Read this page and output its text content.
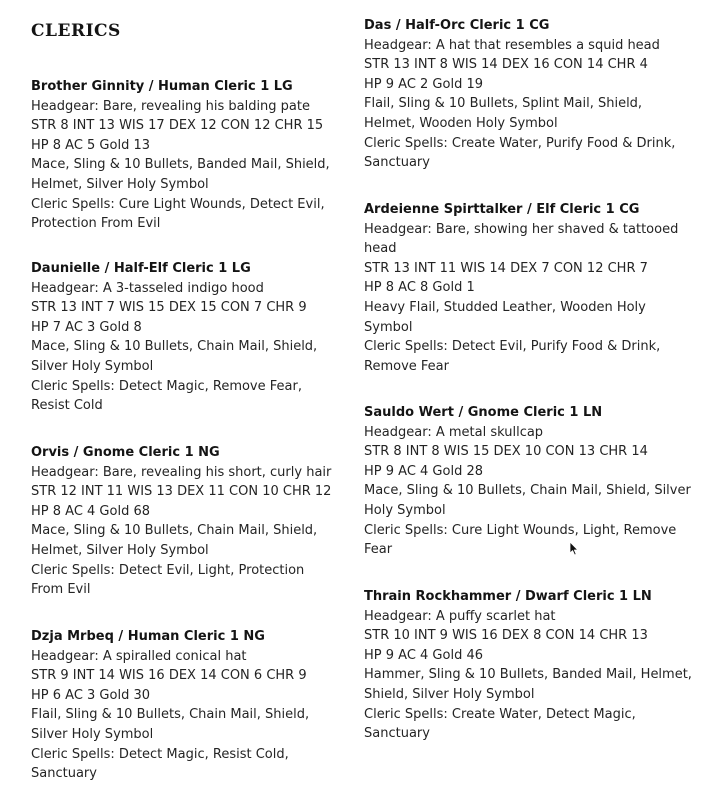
CLERICS
Brother Ginnity / Human Cleric 1 LG
Headgear: Bare, revealing his balding pate
STR 8 INT 13 WIS 17 DEX 12 CON 12 CHR 15
HP 8 AC 5 Gold 13
Mace, Sling & 10 Bullets, Banded Mail, Shield, Helmet, Silver Holy Symbol
Cleric Spells: Cure Light Wounds, Detect Evil, Protection From Evil
Daunielle / Half-Elf Cleric 1 LG
Headgear: A 3-tasseled indigo hood
STR 13 INT 7 WIS 15 DEX 15 CON 7 CHR 9
HP 7 AC 3 Gold 8
Mace, Sling & 10 Bullets, Chain Mail, Shield, Silver Holy Symbol
Cleric Spells: Detect Magic, Remove Fear, Resist Cold
Orvis / Gnome Cleric 1 NG
Headgear: Bare, revealing his short, curly hair
STR 12 INT 11 WIS 13 DEX 11 CON 10 CHR 12
HP 8 AC 4 Gold 68
Mace, Sling & 10 Bullets, Chain Mail, Shield, Helmet, Silver Holy Symbol
Cleric Spells: Detect Evil, Light, Protection From Evil
Dzja Mrbeq / Human Cleric 1 NG
Headgear: A spiralled conical hat
STR 9 INT 14 WIS 16 DEX 14 CON 6 CHR 9
HP 6 AC 3 Gold 30
Flail, Sling & 10 Bullets, Chain Mail, Shield, Silver Holy Symbol
Cleric Spells: Detect Magic, Resist Cold, Sanctuary
Das / Half-Orc Cleric 1 CG
Headgear: A hat that resembles a squid head
STR 13 INT 8 WIS 14 DEX 16 CON 14 CHR 4
HP 9 AC 2 Gold 19
Flail, Sling & 10 Bullets, Splint Mail, Shield, Helmet, Wooden Holy Symbol
Cleric Spells: Create Water, Purify Food & Drink, Sanctuary
Ardeienne Spirttalker / Elf Cleric 1 CG
Headgear: Bare, showing her shaved & tattooed head
STR 13 INT 11 WIS 14 DEX 7 CON 12 CHR 7
HP 8 AC 8 Gold 1
Heavy Flail, Studded Leather, Wooden Holy Symbol
Cleric Spells: Detect Evil, Purify Food & Drink, Remove Fear
Sauldo Wert / Gnome Cleric 1 LN
Headgear: A metal skullcap
STR 8 INT 8 WIS 15 DEX 10 CON 13 CHR 14
HP 9 AC 4 Gold 28
Mace, Sling & 10 Bullets, Chain Mail, Shield, Silver Holy Symbol
Cleric Spells: Cure Light Wounds, Light, Remove Fear
Thrain Rockhammer / Dwarf Cleric 1 LN
Headgear: A puffy scarlet hat
STR 10 INT 9 WIS 16 DEX 8 CON 14 CHR 13
HP 9 AC 4 Gold 46
Hammer, Sling & 10 Bullets, Banded Mail, Helmet, Shield, Silver Holy Symbol
Cleric Spells: Create Water, Detect Magic, Sanctuary
